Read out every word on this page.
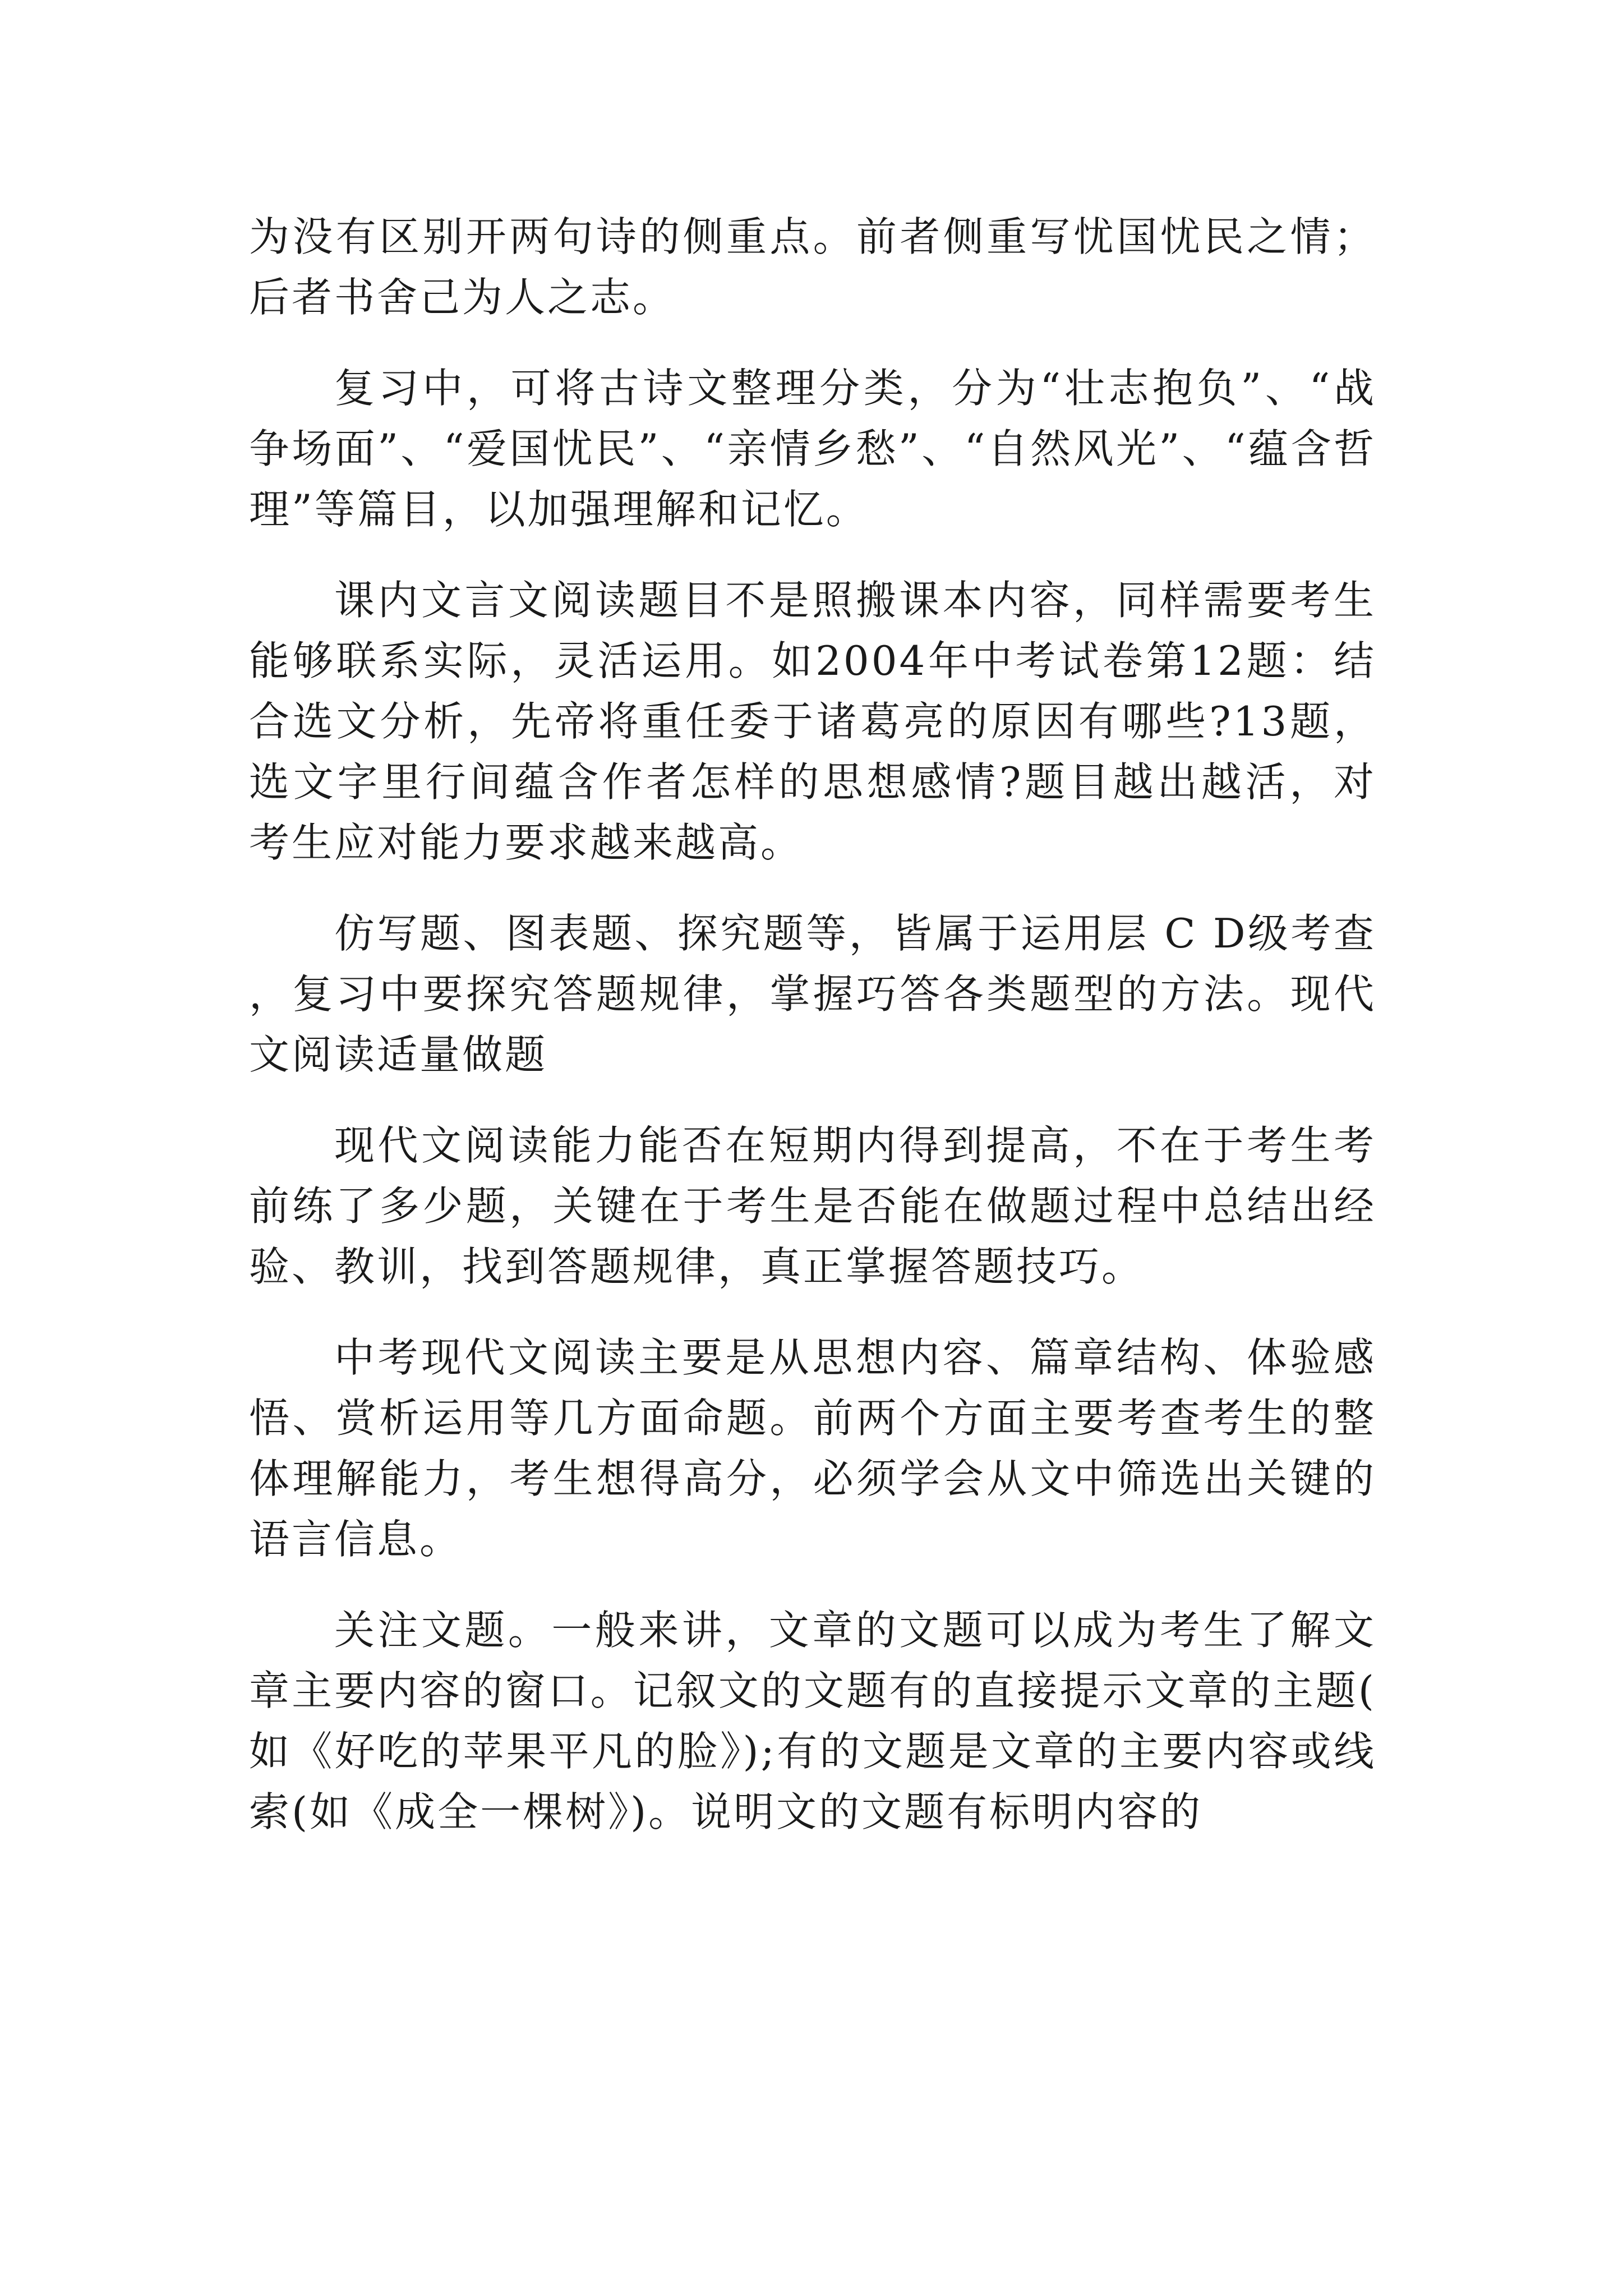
为没有区别开两句诗的侧重点。前者侧重写忧国忧民之情；后者书舍己为人之志。

复习中，可将古诗文整理分类，分为“壮志抱负”、“战争场面”、“爱国忧民”、“亲情乡愁”、“自然风光”、“蕴含哲理”等篇目，以加强理解和记忆。

课内文言文阅读题目不是照搬课本内容，同样需要考生能够联系实际，灵活运用。如2004年中考试卷第12题：结合选文分析，先帝将重任委于诸葛亮的原因有哪些?13题，选文字里行间蕴含作者怎样的思想感情?题目越出越活，对考生应对能力要求越来越高。

仿写题、图表题、探究题等，皆属于运用层 C D级考查，复习中要探究答题规律，掌握巧答各类题型的方法。现代文阅读适量做题

现代文阅读能力能否在短期内得到提高，不在于考生考前练了多少题，关键在于考生是否能在做题过程中总结出经验、教训，找到答题规律，真正掌握答题技巧。

中考现代文阅读主要是从思想内容、篇章结构、体验感悟、赏析运用等几方面命题。前两个方面主要考查考生的整体理解能力，考生想得高分，必须学会从文中筛选出关键的语言信息。

关注文题。一般来讲，文章的文题可以成为考生了解文章主要内容的窗口。记叙文的文题有的直接提示文章的主题(如《好吃的苹果平凡的脸》);有的文题是文章的主要内容或线索(如《成全一棵树》)。说明文的文题有标明内容的
